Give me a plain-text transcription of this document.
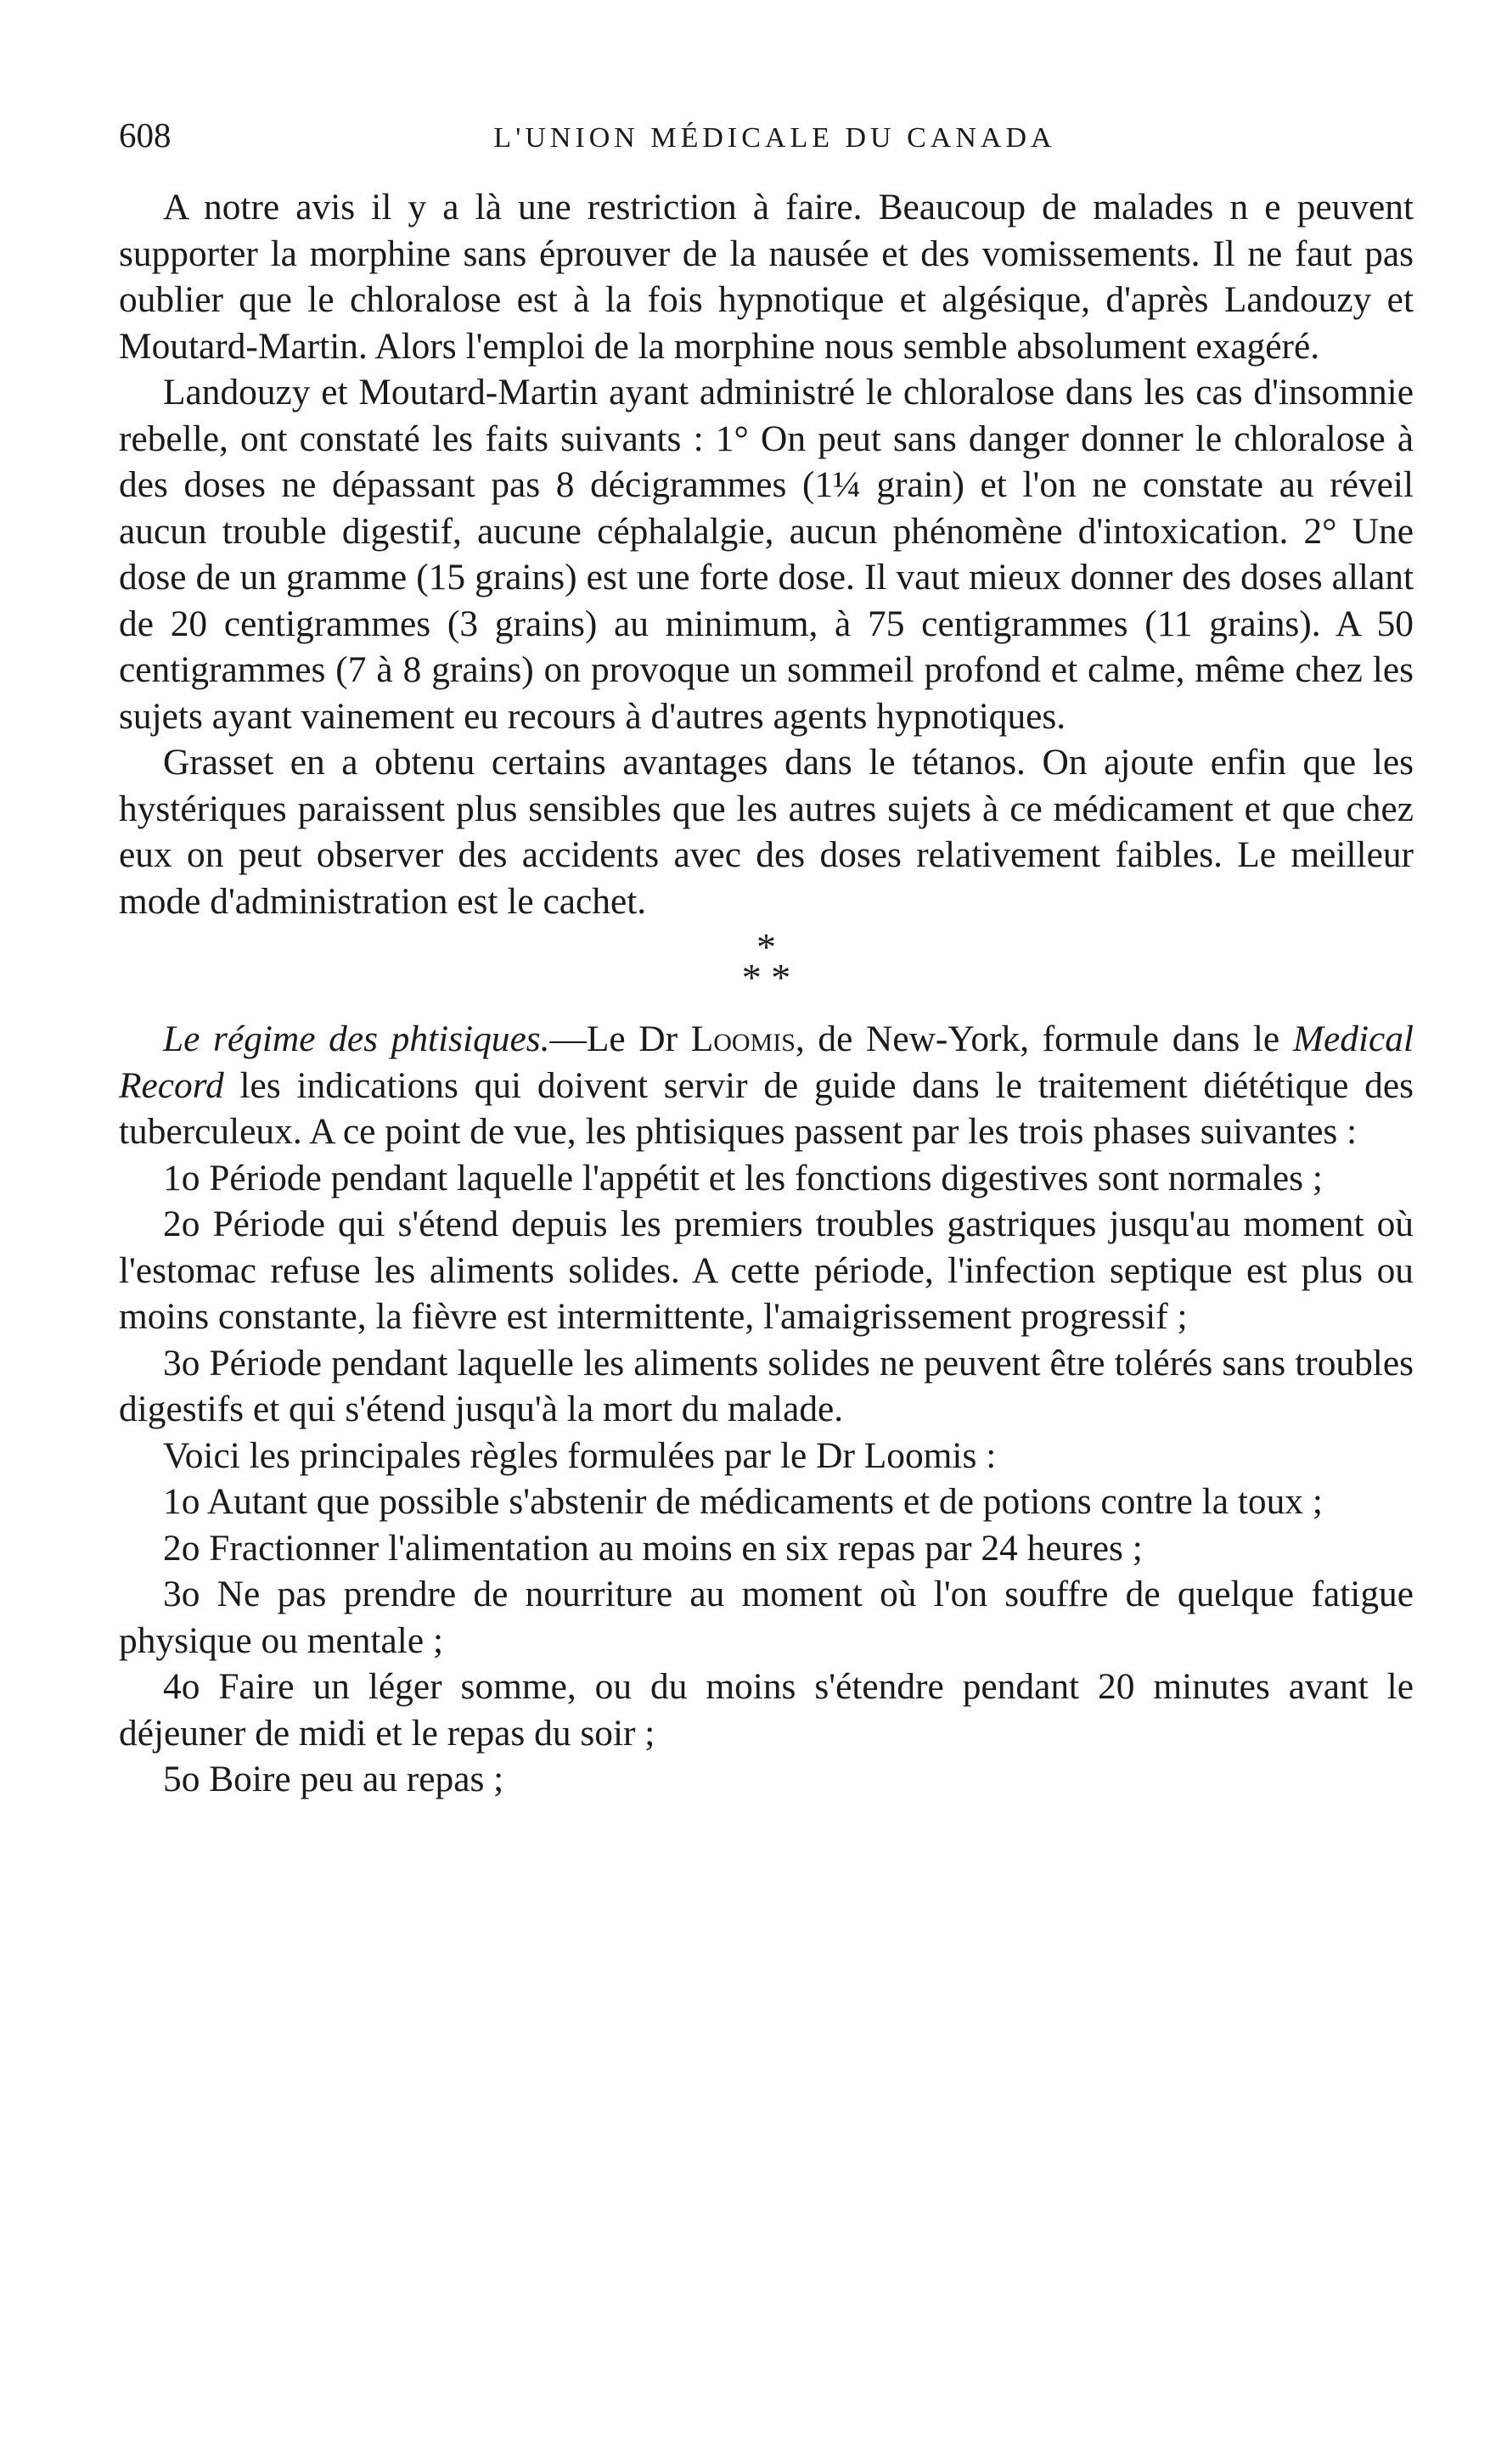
608	L'UNION MÉDICALE DU CANADA

A notre avis il y a là une restriction à faire. Beaucoup de malades n e peuvent supporter la morphine sans éprouver de la nausée et des vomissements. Il ne faut pas oublier que le chloralose est à la fois hypnotique et algésique, d'après Landouzy et Moutard-Martin. Alors l'emploi de la morphine nous semble absolument exagéré.

Landouzy et Moutard-Martin ayant administré le chloralose dans les cas d'insomnie rebelle, ont constaté les faits suivants : 1° On peut sans danger donner le chloralose à des doses ne dépassant pas 8 décigrammes (1¼ grain) et l'on ne constate au réveil aucun trouble digestif, aucune céphalalgie, aucun phénomène d'intoxication. 2° Une dose de un gramme (15 grains) est une forte dose. Il vaut mieux donner des doses allant de 20 centigrammes (3 grains) au minimum, à 75 centigrammes (11 grains). A 50 centigrammes (7 à 8 grains) on provoque un sommeil profond et calme, même chez les sujets ayant vainement eu recours à d'autres agents hypnotiques.

Grasset en a obtenu certains avantages dans le tétanos. On ajoute enfin que les hystériques paraissent plus sensibles que les autres sujets à ce médicament et que chez eux on peut observer des accidents avec des doses relativement faibles. Le meilleur mode d'administration est le cachet.

*
* *

Le régime des phtisiques.—Le Dr Loomis, de New-York, formule dans le Medical Record les indications qui doivent servir de guide dans le traitement diététique des tuberculeux. A ce point de vue, les phtisiques passent par les trois phases suivantes :

1o Période pendant laquelle l'appétit et les fonctions digestives sont normales ;

2o Période qui s'étend depuis les premiers troubles gastriques jusqu'au moment où l'estomac refuse les aliments solides. A cette période, l'infection septique est plus ou moins constante, la fièvre est intermittente, l'amaigrissement progressif ;

3o Période pendant laquelle les aliments solides ne peuvent être tolérés sans troubles digestifs et qui s'étend jusqu'à la mort du malade.

Voici les principales règles formulées par le Dr Loomis :

1o Autant que possible s'abstenir de médicaments et de potions contre la toux ;

2o Fractionner l'alimentation au moins en six repas par 24 heures ;

3o Ne pas prendre de nourriture au moment où l'on souffre de quelque fatigue physique ou mentale ;

4o Faire un léger somme, ou du moins s'étendre pendant 20 minutes avant le déjeuner de midi et le repas du soir ;

5o Boire peu au repas ;
